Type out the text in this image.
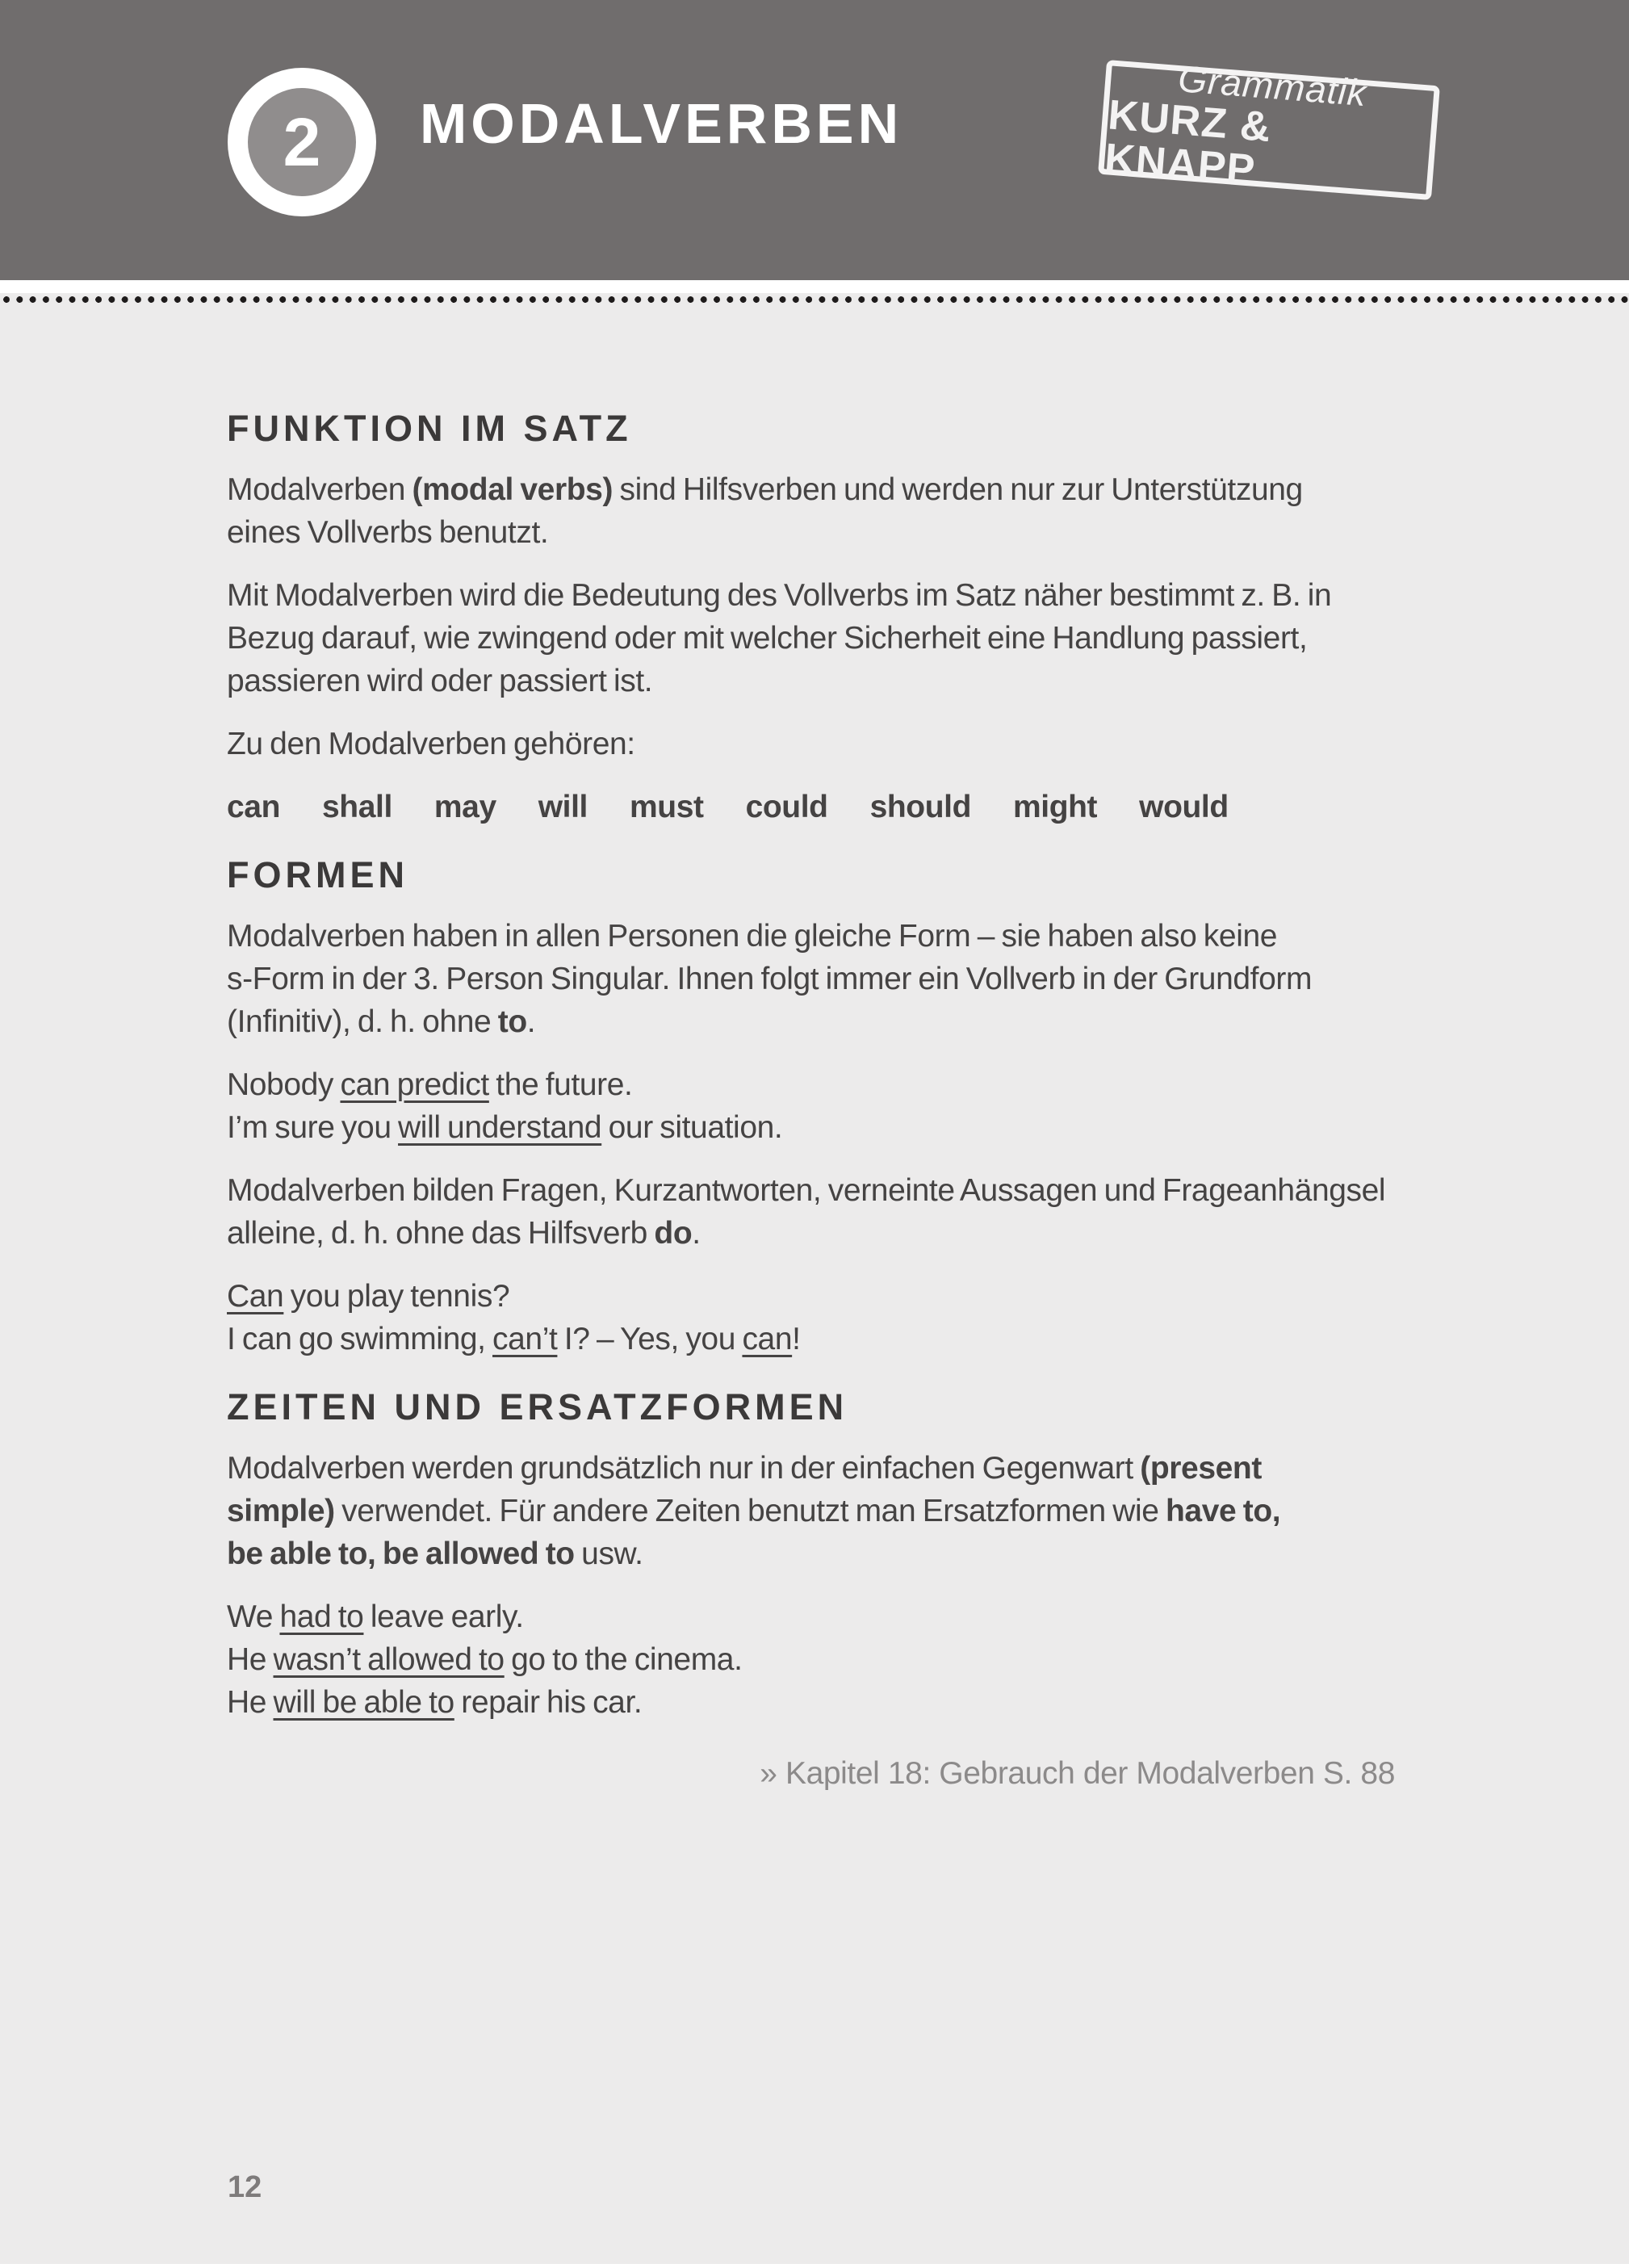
2 MODALVERBEN
Grammatik
KURZ & KNAPP
FUNKTION IM SATZ
Modalverben (modal verbs) sind Hilfsverben und werden nur zur Unterstützung
eines Vollverbs benutzt.
Mit Modalverben wird die Bedeutung des Vollverbs im Satz näher bestimmt z. B. in
Bezug darauf, wie zwingend oder mit welcher Sicherheit eine Handlung passiert,
passieren wird oder passiert ist.
Zu den Modalverben gehören:
can shall may will must could should might would
FORMEN
Modalverben haben in allen Personen die gleiche Form – sie haben also keine
s-Form in der 3. Person Singular. Ihnen folgt immer ein Vollverb in der Grundform
(Infinitiv), d. h. ohne to.
Nobody can predict the future.
I’m sure you will understand our situation.
Modalverben bilden Fragen, Kurzantworten, verneinte Aussagen und Frageanhängsel
alleine, d. h. ohne das Hilfsverb do.
Can you play tennis?
I can go swimming, can’t I? – Yes, you can!
ZEITEN UND ERSATZFORMEN
Modalverben werden grundsätzlich nur in der einfachen Gegenwart (present
simple) verwendet. Für andere Zeiten benutzt man Ersatzformen wie have to,
be able to, be allowed to usw.
We had to leave early.
He wasn’t allowed to go to the cinema.
He will be able to repair his car.
» Kapitel 18: Gebrauch der Modalverben S. 88
12
